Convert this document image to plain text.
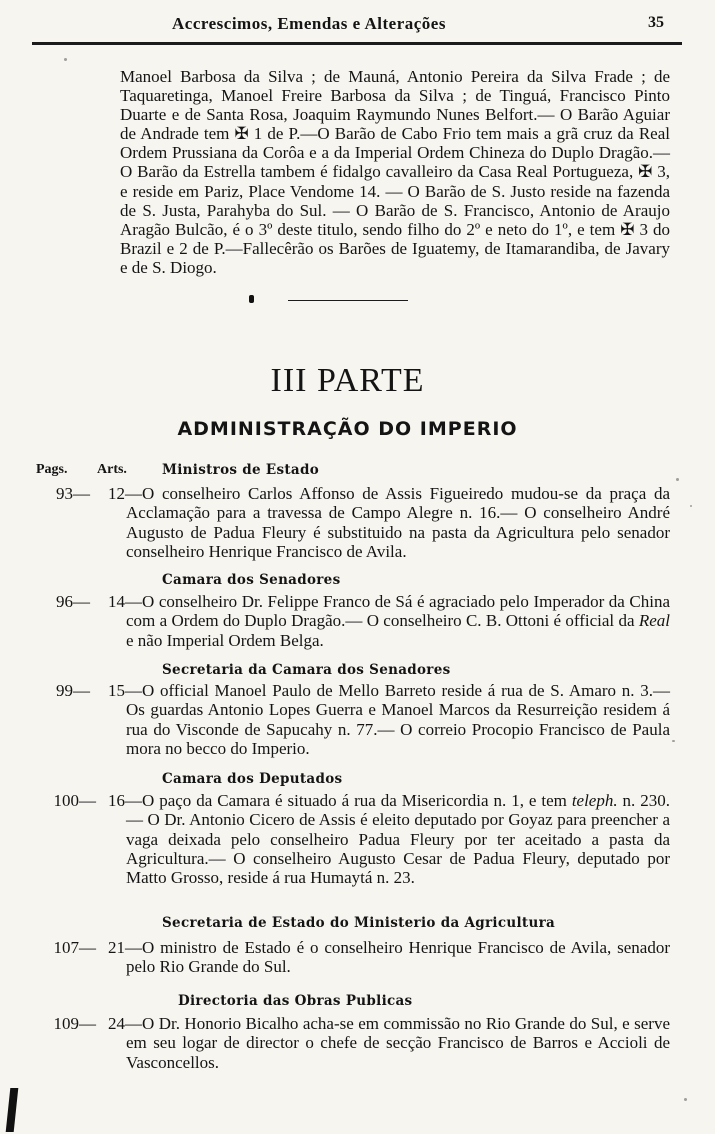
Accrescimos, Emendas e Alterações	35

Manoel Barbosa da Silva ; de Mauná, Antonio Pereira da Silva Frade ; de Taquaretinga, Manoel Freire Barbosa da Silva ; de Tinguá, Francisco Pinto Duarte e de Santa Rosa, Joaquim Raymundo Nunes Belfort.— O Barão Aguiar de Andrade tem ✠ 1 de P.—O Barão de Cabo Frio tem mais a grã cruz da Real Ordem Prussiana da Corôa e a da Imperial Ordem Chineza do Duplo Dragão.— O Barão da Estrella tambem é fidalgo cavalleiro da Casa Real Portugueza, ✠ 3, e reside em Pariz, Place Vendome 14. — O Barão de S. Justo reside na fazenda de S. Justa, Parahyba do Sul. — O Barão de S. Francisco, Antonio de Araujo Aragão Bulcão, é o 3º deste titulo, sendo filho do 2º e neto do 1º, e tem ✠ 3 do Brazil e 2 de P.—Fallecêrão os Barões de Iguatemy, de Itamarandiba, de Javary e de S. Diogo.

III PARTE
ADMINISTRAÇÃO DO IMPERIO
Pags. Arts.	Ministros de Estado
93— 12—O conselheiro Carlos Affonso de Assis Figueiredo mudou-se da praça da Acclamação para a travessa de Campo Alegre n. 16.— O conselheiro André Augusto de Padua Fleury é substituido na pasta da Agricultura pelo senador conselheiro Henrique Francisco de Avila.

Camara dos Senadores
96— 14—O conselheiro Dr. Felippe Franco de Sá é agraciado pelo Imperador da China com a Ordem do Duplo Dragão.— O conselheiro C. B. Ottoni é official da Real e não Imperial Ordem Belga.

Secretaria da Camara dos Senadores
99— 15—O official Manoel Paulo de Mello Barreto reside á rua de S. Amaro n. 3.— Os guardas Antonio Lopes Guerra e Manoel Marcos da Resurreição residem á rua do Visconde de Sapucahy n. 77.— O correio Procopio Francisco de Paula mora no becco do Imperio.

Camara dos Deputados
100— 16—O paço da Camara é situado á rua da Misericordia n. 1, e tem teleph. n. 230.— O Dr. Antonio Cicero de Assis é eleito deputado por Goyaz para preencher a vaga deixada pelo conselheiro Padua Fleury por ter aceitado a pasta da Agricultura.— O conselheiro Augusto Cesar de Padua Fleury, deputado por Matto Grosso, reside á rua Humaytá n. 23.

Secretaria de Estado do Ministerio da Agricultura
107— 21—O ministro de Estado é o conselheiro Henrique Francisco de Avila, senador pelo Rio Grande do Sul.

Directoria das Obras Publicas
109— 24—O Dr. Honorio Bicalho acha-se em commissão no Rio Grande do Sul, e serve em seu logar de director o chefe de secção Francisco de Barros e Accioli de Vasconcellos.
